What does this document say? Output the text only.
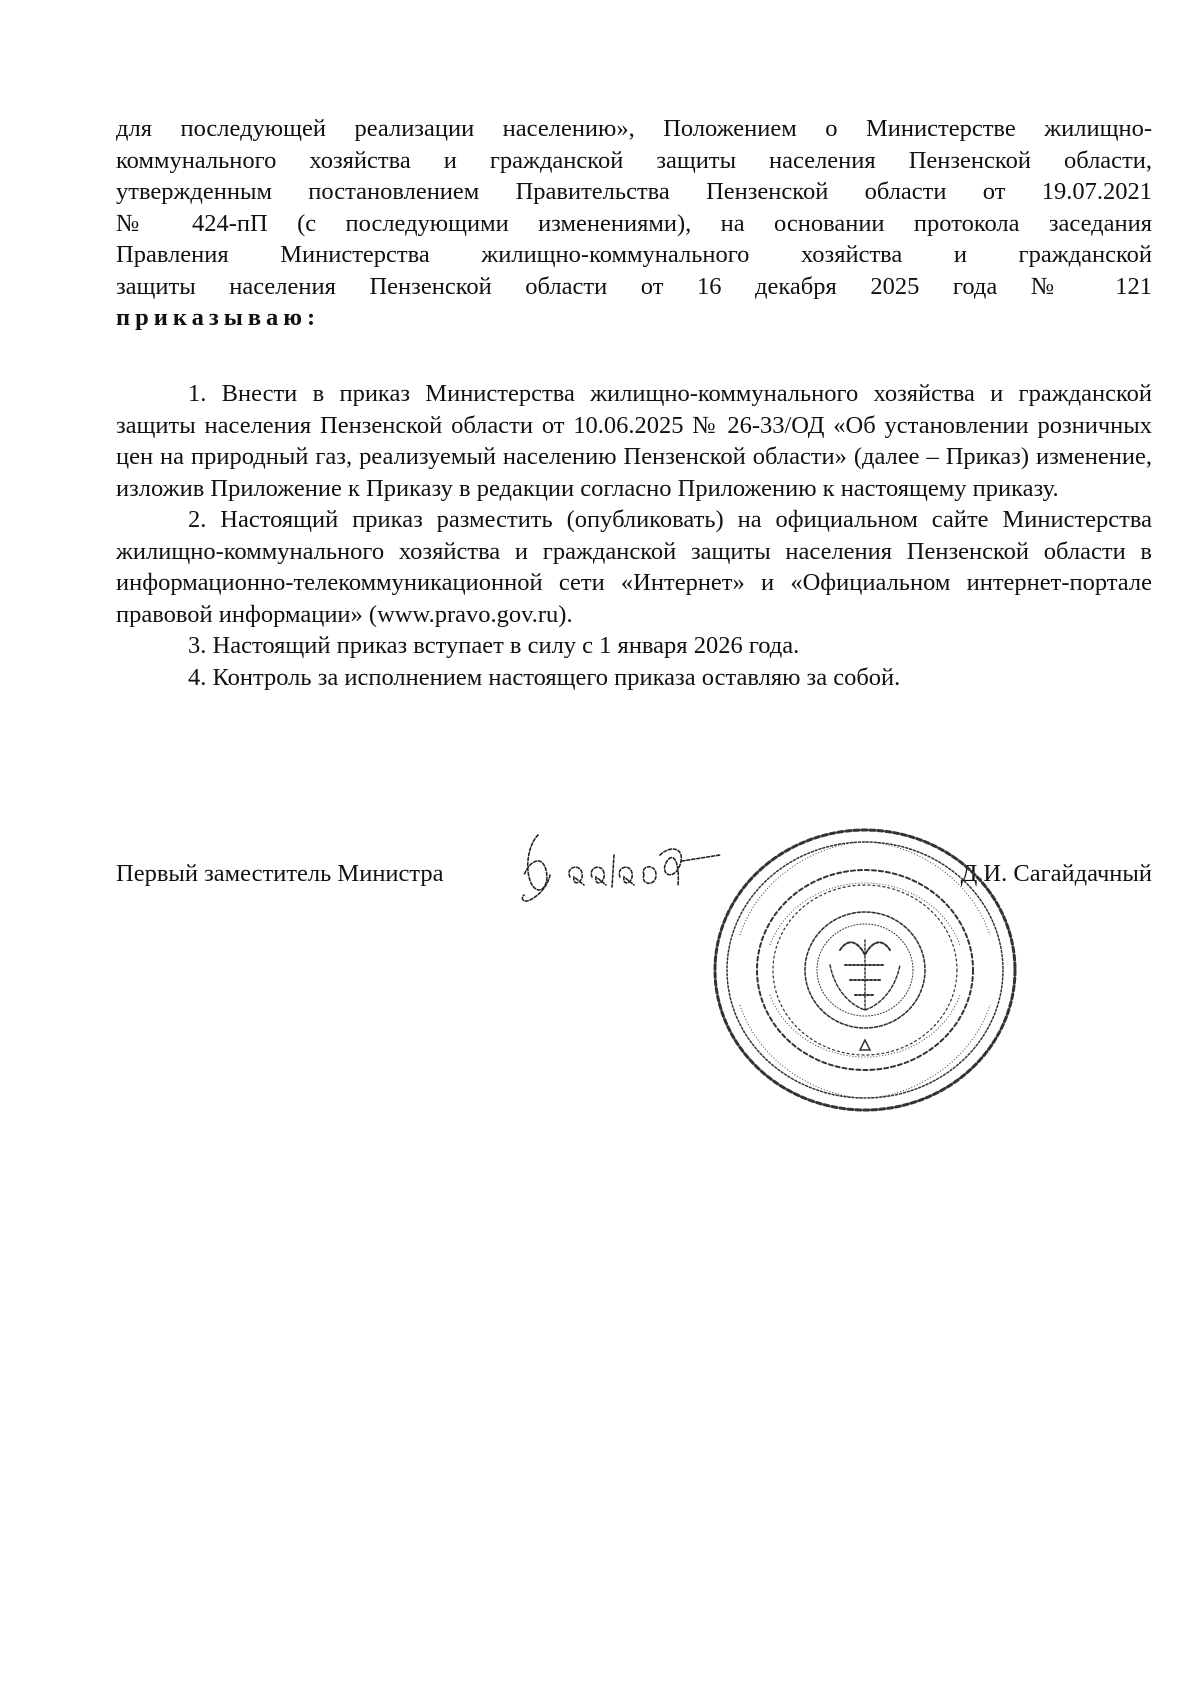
для последующей реализации населению», Положением о Министерстве жилищно-
коммунального хозяйства и гражданской защиты населения Пензенской области,
утвержденным постановлением Правительства Пензенской области от 19.07.2021
№ 424-пП (с последующими изменениями), на основании протокола заседания
Правления Министерства жилищно-коммунального хозяйства и гражданской
защиты населения Пензенской области от 16 декабря 2025 года № 121
приказываю:

1. Внести в приказ Министерства жилищно-коммунального хозяйства и гражданской защиты населения Пензенской области от 10.06.2025 № 26-33/ОД «Об установлении розничных цен на природный газ, реализуемый населению Пензенской области» (далее – Приказ) изменение, изложив Приложение к Приказу в редакции согласно Приложению к настоящему приказу.

2. Настоящий приказ разместить (опубликовать) на официальном сайте Министерства жилищно-коммунального хозяйства и гражданской защиты населения Пензенской области в информационно-телекоммуникационной сети «Интернет» и «Официальном интернет-портале правовой информации» (www.pravo.gov.ru).

3. Настоящий приказ вступает в силу с 1 января 2026 года.

4. Контроль за исполнением настоящего приказа оставляю за собой.

Первый заместитель Министра	Д.И. Сагайдачный
